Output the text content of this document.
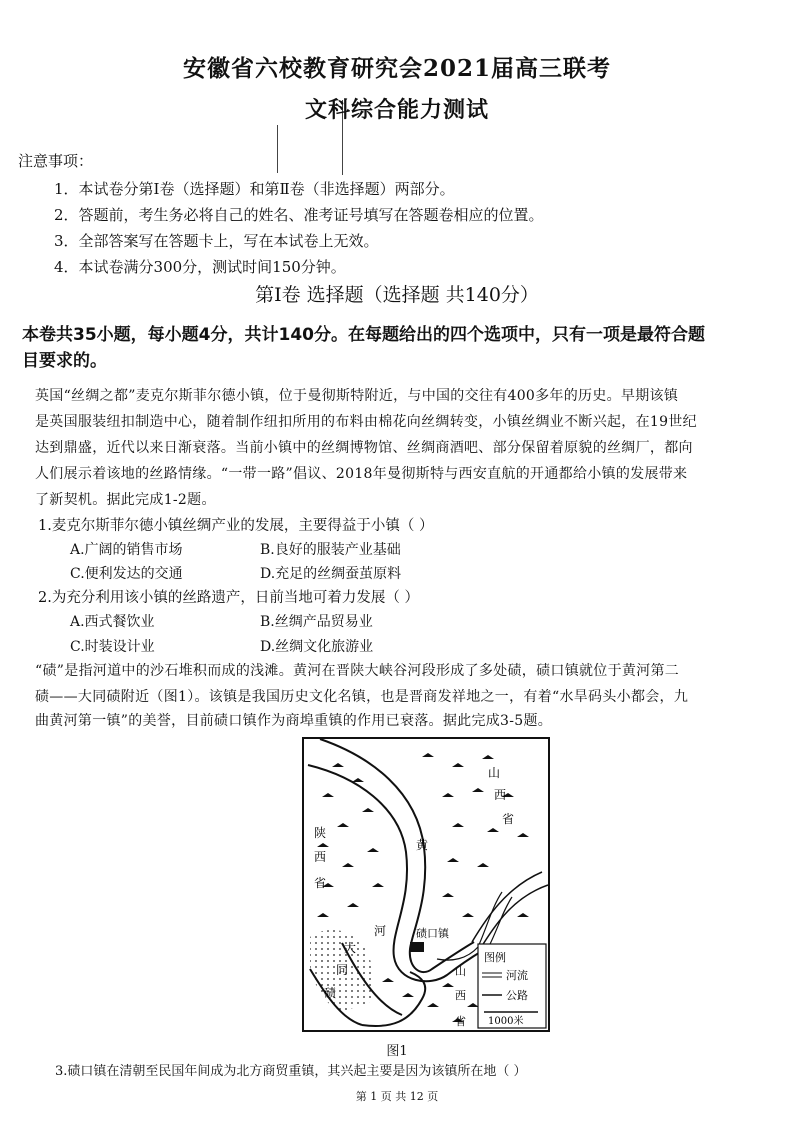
安徽省六校教育研究会2021届高三联考
文科综合能力测试
注意事项：
1．本试卷分第Ⅰ卷（选择题）和第Ⅱ卷（非选择题）两部分。
2．答题前，考生务必将自己的姓名、准考证号填写在答题卷相应的位置。
3．全部答案写在答题卡上，写在本试卷上无效。
4．本试卷满分300分，测试时间150分钟。
第Ⅰ卷 选择题（选择题 共140分）
本卷共35小题，每小题4分，共计140分。在每题给出的四个选项中，只有一项是最符合题
目要求的。
英国“丝绸之都”麦克尔斯菲尔德小镇，位于曼彻斯特附近，与中国的交往有400多年的历史。早期该镇
是英国服装纽扣制造中心，随着制作纽扣所用的布料由棉花向丝绸转变，小镇丝绸业不断兴起，在19世纪
达到鼎盛，近代以来日渐衰落。当前小镇中的丝绸博物馆、丝绸商酒吧、部分保留着原貌的丝绸厂，都向
人们展示着该地的丝路情缘。“一带一路”倡议、2018年曼彻斯特与西安直航的开通都给小镇的发展带来
了新契机。据此完成1-2题。
1.麦克尔斯菲尔德小镇丝绸产业的发展，主要得益于小镇（ ）
A.广阔的销售市场	B.良好的服装产业基础
C.便利发达的交通	D.充足的丝绸蚕茧原料
2.为充分利用该小镇的丝路遗产，日前当地可着力发展（ ）
A.西式餐饮业	B.丝绸产品贸易业
C.时装设计业	D.丝绸文化旅游业
“碛”是指河道中的沙石堆积而成的浅滩。黄河在晋陕大峡谷河段形成了多处碛，碛口镇就位于黄河第二
碛——大同碛附近（图1）。该镇是我国历史文化名镇，也是晋商发祥地之一，有着“水旱码头小都会，九
曲黄河第一镇”的美誉，目前碛口镇作为商埠重镇的作用已衰落。据此完成3-5题。
山
西
省
陕
西
省
黄
河
大
同
碛
碛口镇
山
西
省
图例
河流
公路
1000米
图1
3.碛口镇在清朝至民国年间成为北方商贸重镇，其兴起主要是因为该镇所在地（ ）
第 1 页 共 12 页
